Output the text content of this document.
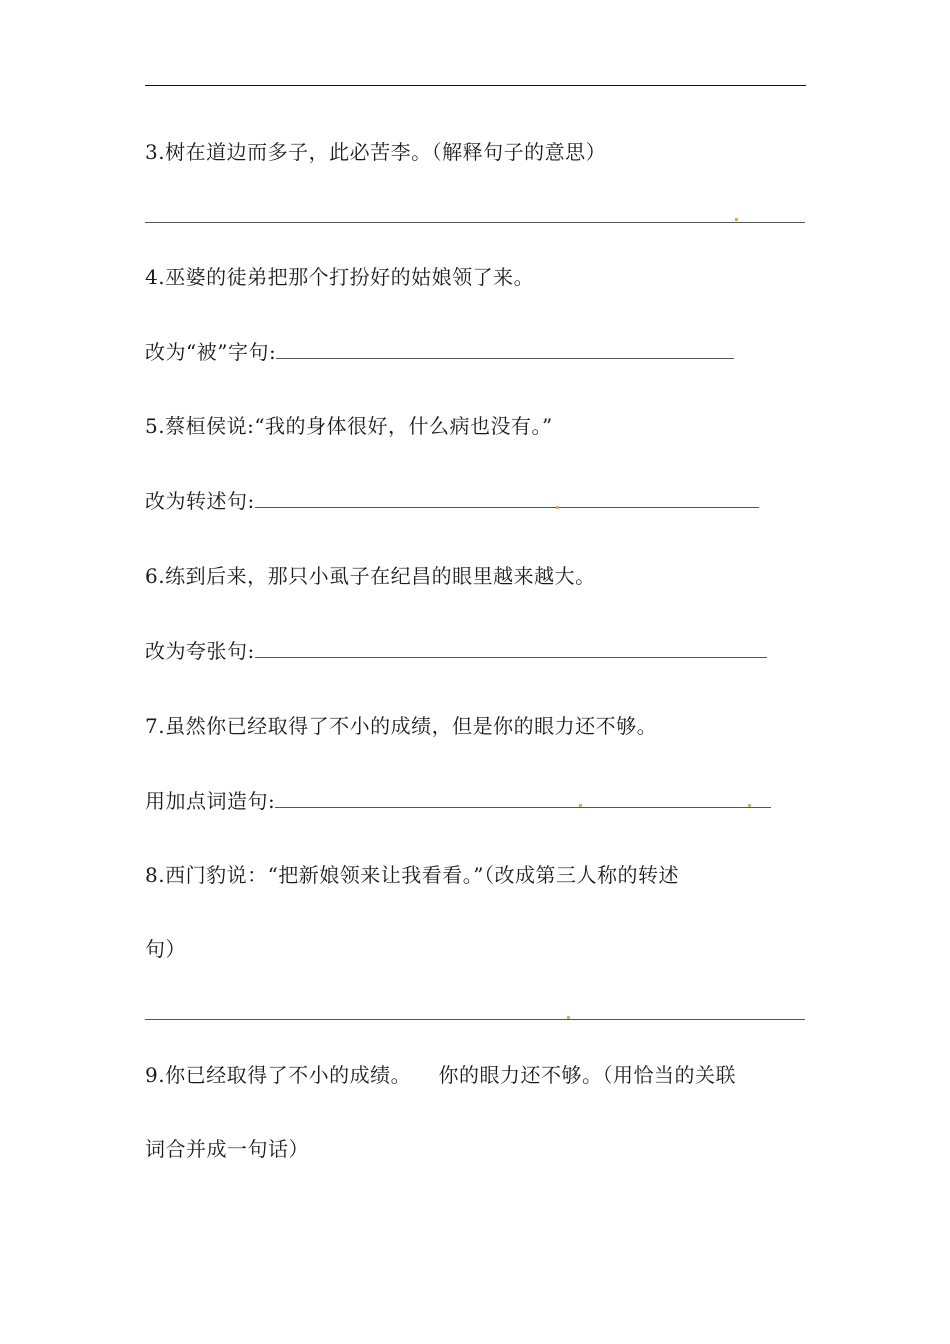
3.树在道边而多子，此必苦李。（解释句子的意思）
4.巫婆的徒弟把那个打扮好的姑娘领了来。
改为“被”字句:
5.蔡桓侯说:“我的身体很好，什么病也没有。”
改为转述句:
6.练到后来，那只小虱子在纪昌的眼里越来越大。
改为夸张句:
7.虽然你已经取得了不小的成绩，但是你的眼力还不够。
用加点词造句:
8.西门豹说：“把新娘领来让我看看。”（改成第三人称的转述
句）
9.你已经取得了不小的成绩。    你的眼力还不够。（用恰当的关联
词合并成一句话）
